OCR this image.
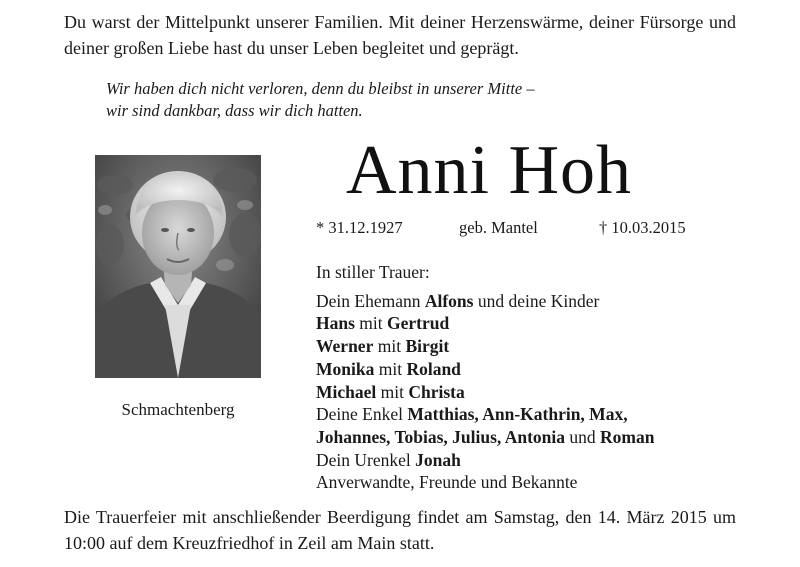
Du warst der Mittelpunkt unserer Familien. Mit deiner Herzenswärme, deiner Fürsorge und deiner großen Liebe hast du unser Leben begleitet und geprägt.
Wir haben dich nicht verloren, denn du bleibst in unserer Mitte –
wir sind dankbar, dass wir dich hatten.
Schmachtenberg
Anni Hoh
* 31.12.1927	geb. Mantel	† 10.03.2015
In stiller Trauer:
Dein Ehemann Alfons und deine Kinder
Hans mit Gertrud
Werner mit Birgit
Monika mit Roland
Michael mit Christa
Deine Enkel Matthias, Ann-Kathrin, Max,
Johannes, Tobias, Julius, Antonia und Roman
Dein Urenkel Jonah
Anverwandte, Freunde und Bekannte
Die Trauerfeier mit anschließender Beerdigung findet am Samstag, den 14. März 2015 um 10:00 auf dem Kreuzfriedhof in Zeil am Main statt.
